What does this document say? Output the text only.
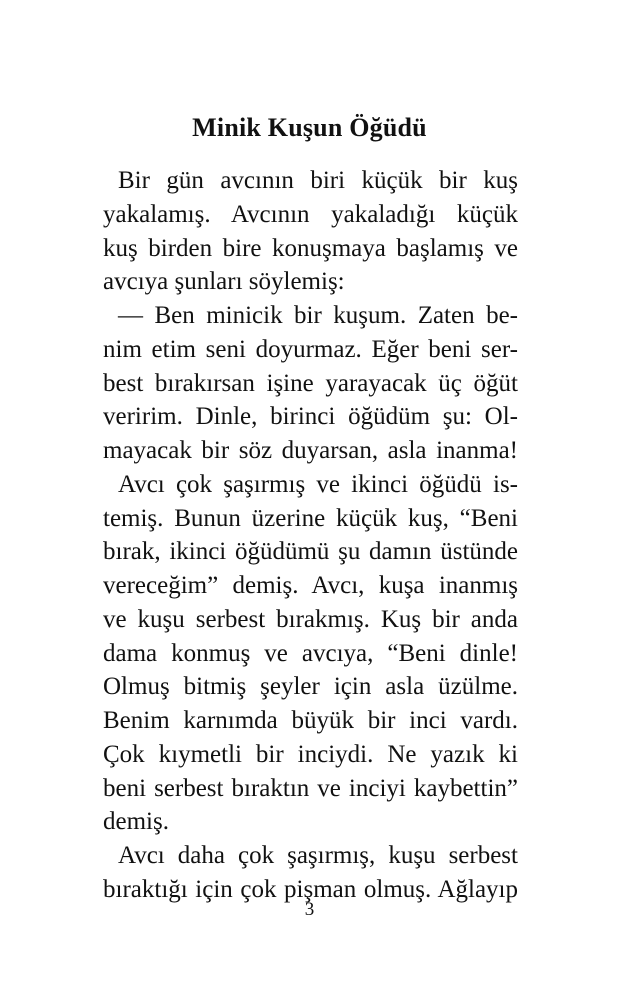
Minik Kuşun Öğüdü
Bir gün avcının biri küçük bir kuş
yakalamış. Avcının yakaladığı küçük
kuş birden bire konuşmaya başlamış ve
avcıya şunları söylemiş:
— Ben minicik bir kuşum. Zaten be-
nim etim seni doyurmaz. Eğer beni ser-
best bırakırsan işine yarayacak üç öğüt
veririm. Dinle, birinci öğüdüm şu: Ol-
mayacak bir söz duyarsan, asla inanma!
Avcı çok şaşırmış ve ikinci öğüdü is-
temiş. Bunun üzerine küçük kuş, “Beni
bırak, ikinci öğüdümü şu damın üstünde
vereceğim” demiş. Avcı, kuşa inanmış
ve kuşu serbest bırakmış. Kuş bir anda
dama konmuş ve avcıya, “Beni dinle!
Olmuş bitmiş şeyler için asla üzülme.
Benim karnımda büyük bir inci vardı.
Çok kıymetli bir inciydi. Ne yazık ki
beni serbest bıraktın ve inciyi kaybettin”
demiş.
Avcı daha çok şaşırmış, kuşu serbest
bıraktığı için çok pişman olmuş. Ağlayıp
3
